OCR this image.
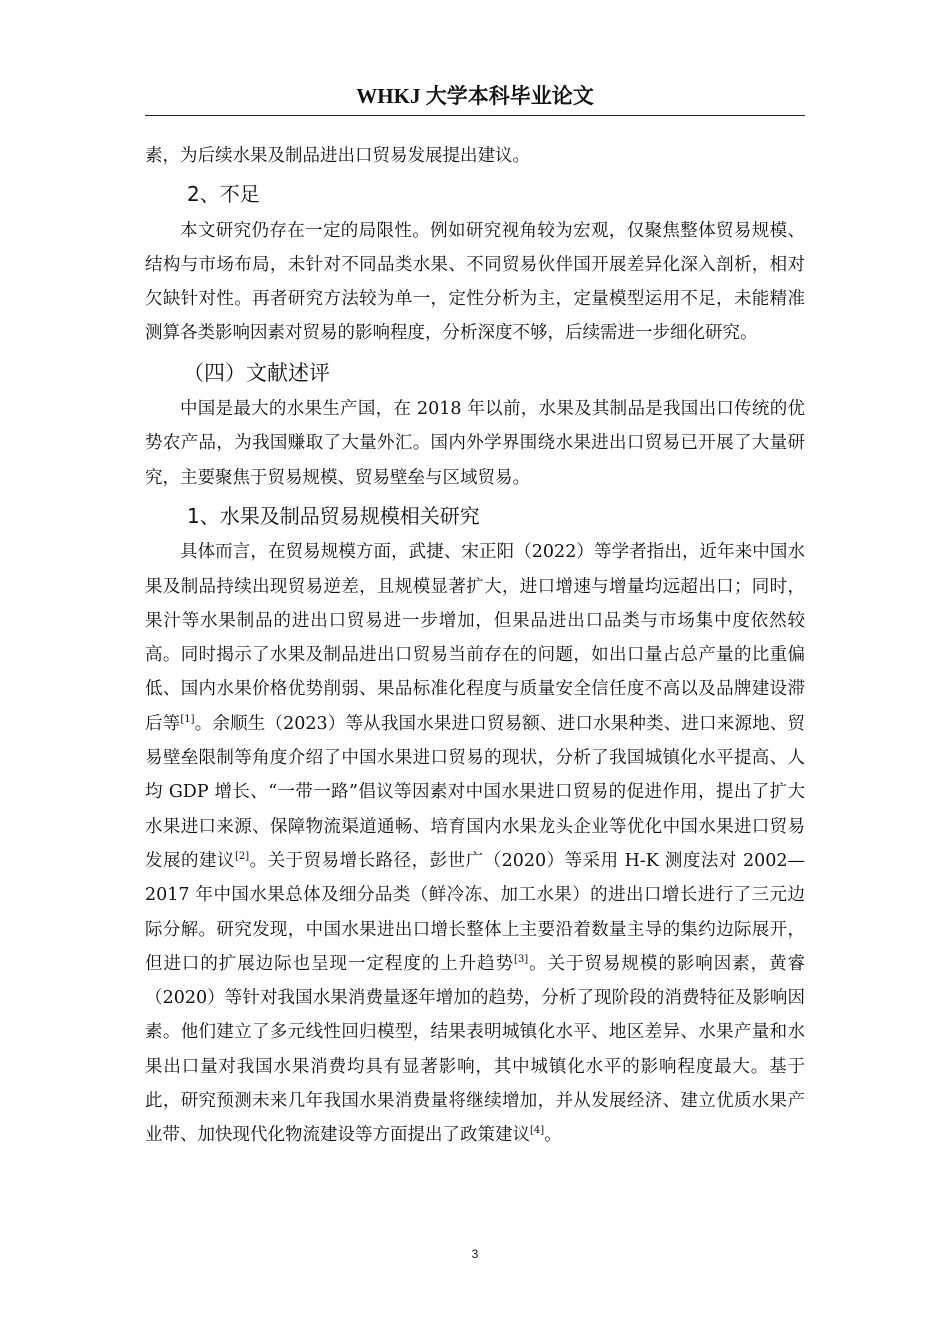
WHKJ 大学本科毕业论文

素，为后续水果及制品进出口贸易发展提出建议。

2、不足

本文研究仍存在一定的局限性。例如研究视角较为宏观，仅聚焦整体贸易规模、结构与市场布局，未针对不同品类水果、不同贸易伙伴国开展差异化深入剖析，相对欠缺针对性。再者研究方法较为单一，定性分析为主，定量模型运用不足，未能精准测算各类影响因素对贸易的影响程度，分析深度不够，后续需进一步细化研究。

（四）文献述评

中国是最大的水果生产国，在 2018 年以前，水果及其制品是我国出口传统的优势农产品，为我国赚取了大量外汇。国内外学界围绕水果进出口贸易已开展了大量研究，主要聚焦于贸易规模、贸易壁垒与区域贸易。

1、水果及制品贸易规模相关研究

具体而言，在贸易规模方面，武捷、宋正阳（2022）等学者指出，近年来中国水果及制品持续出现贸易逆差，且规模显著扩大，进口增速与增量均远超出口；同时，果汁等水果制品的进出口贸易进一步增加，但果品进出口品类与市场集中度依然较高。同时揭示了水果及制品进出口贸易当前存在的问题，如出口量占总产量的比重偏低、国内水果价格优势削弱、果品标准化程度与质量安全信任度不高以及品牌建设滞后等[1]。余顺生（2023）等从我国水果进口贸易额、进口水果种类、进口来源地、贸易壁垒限制等角度介绍了中国水果进口贸易的现状，分析了我国城镇化水平提高、人均 GDP 增长、“一带一路”倡议等因素对中国水果进口贸易的促进作用，提出了扩大水果进口来源、保障物流渠道通畅、培育国内水果龙头企业等优化中国水果进口贸易发展的建议[2]。关于贸易增长路径，彭世广（2020）等采用 H-K 测度法对 2002—2017 年中国水果总体及细分品类（鲜冷冻、加工水果）的进出口增长进行了三元边际分解。研究发现，中国水果进出口增长整体上主要沿着数量主导的集约边际展开，但进口的扩展边际也呈现一定程度的上升趋势[3]。关于贸易规模的影响因素，黄睿（2020）等针对我国水果消费量逐年增加的趋势，分析了现阶段的消费特征及影响因素。他们建立了多元线性回归模型，结果表明城镇化水平、地区差异、水果产量和水果出口量对我国水果消费均具有显著影响，其中城镇化水平的影响程度最大。基于此，研究预测未来几年我国水果消费量将继续增加，并从发展经济、建立优质水果产业带、加快现代化物流建设等方面提出了政策建议[4]。

3
